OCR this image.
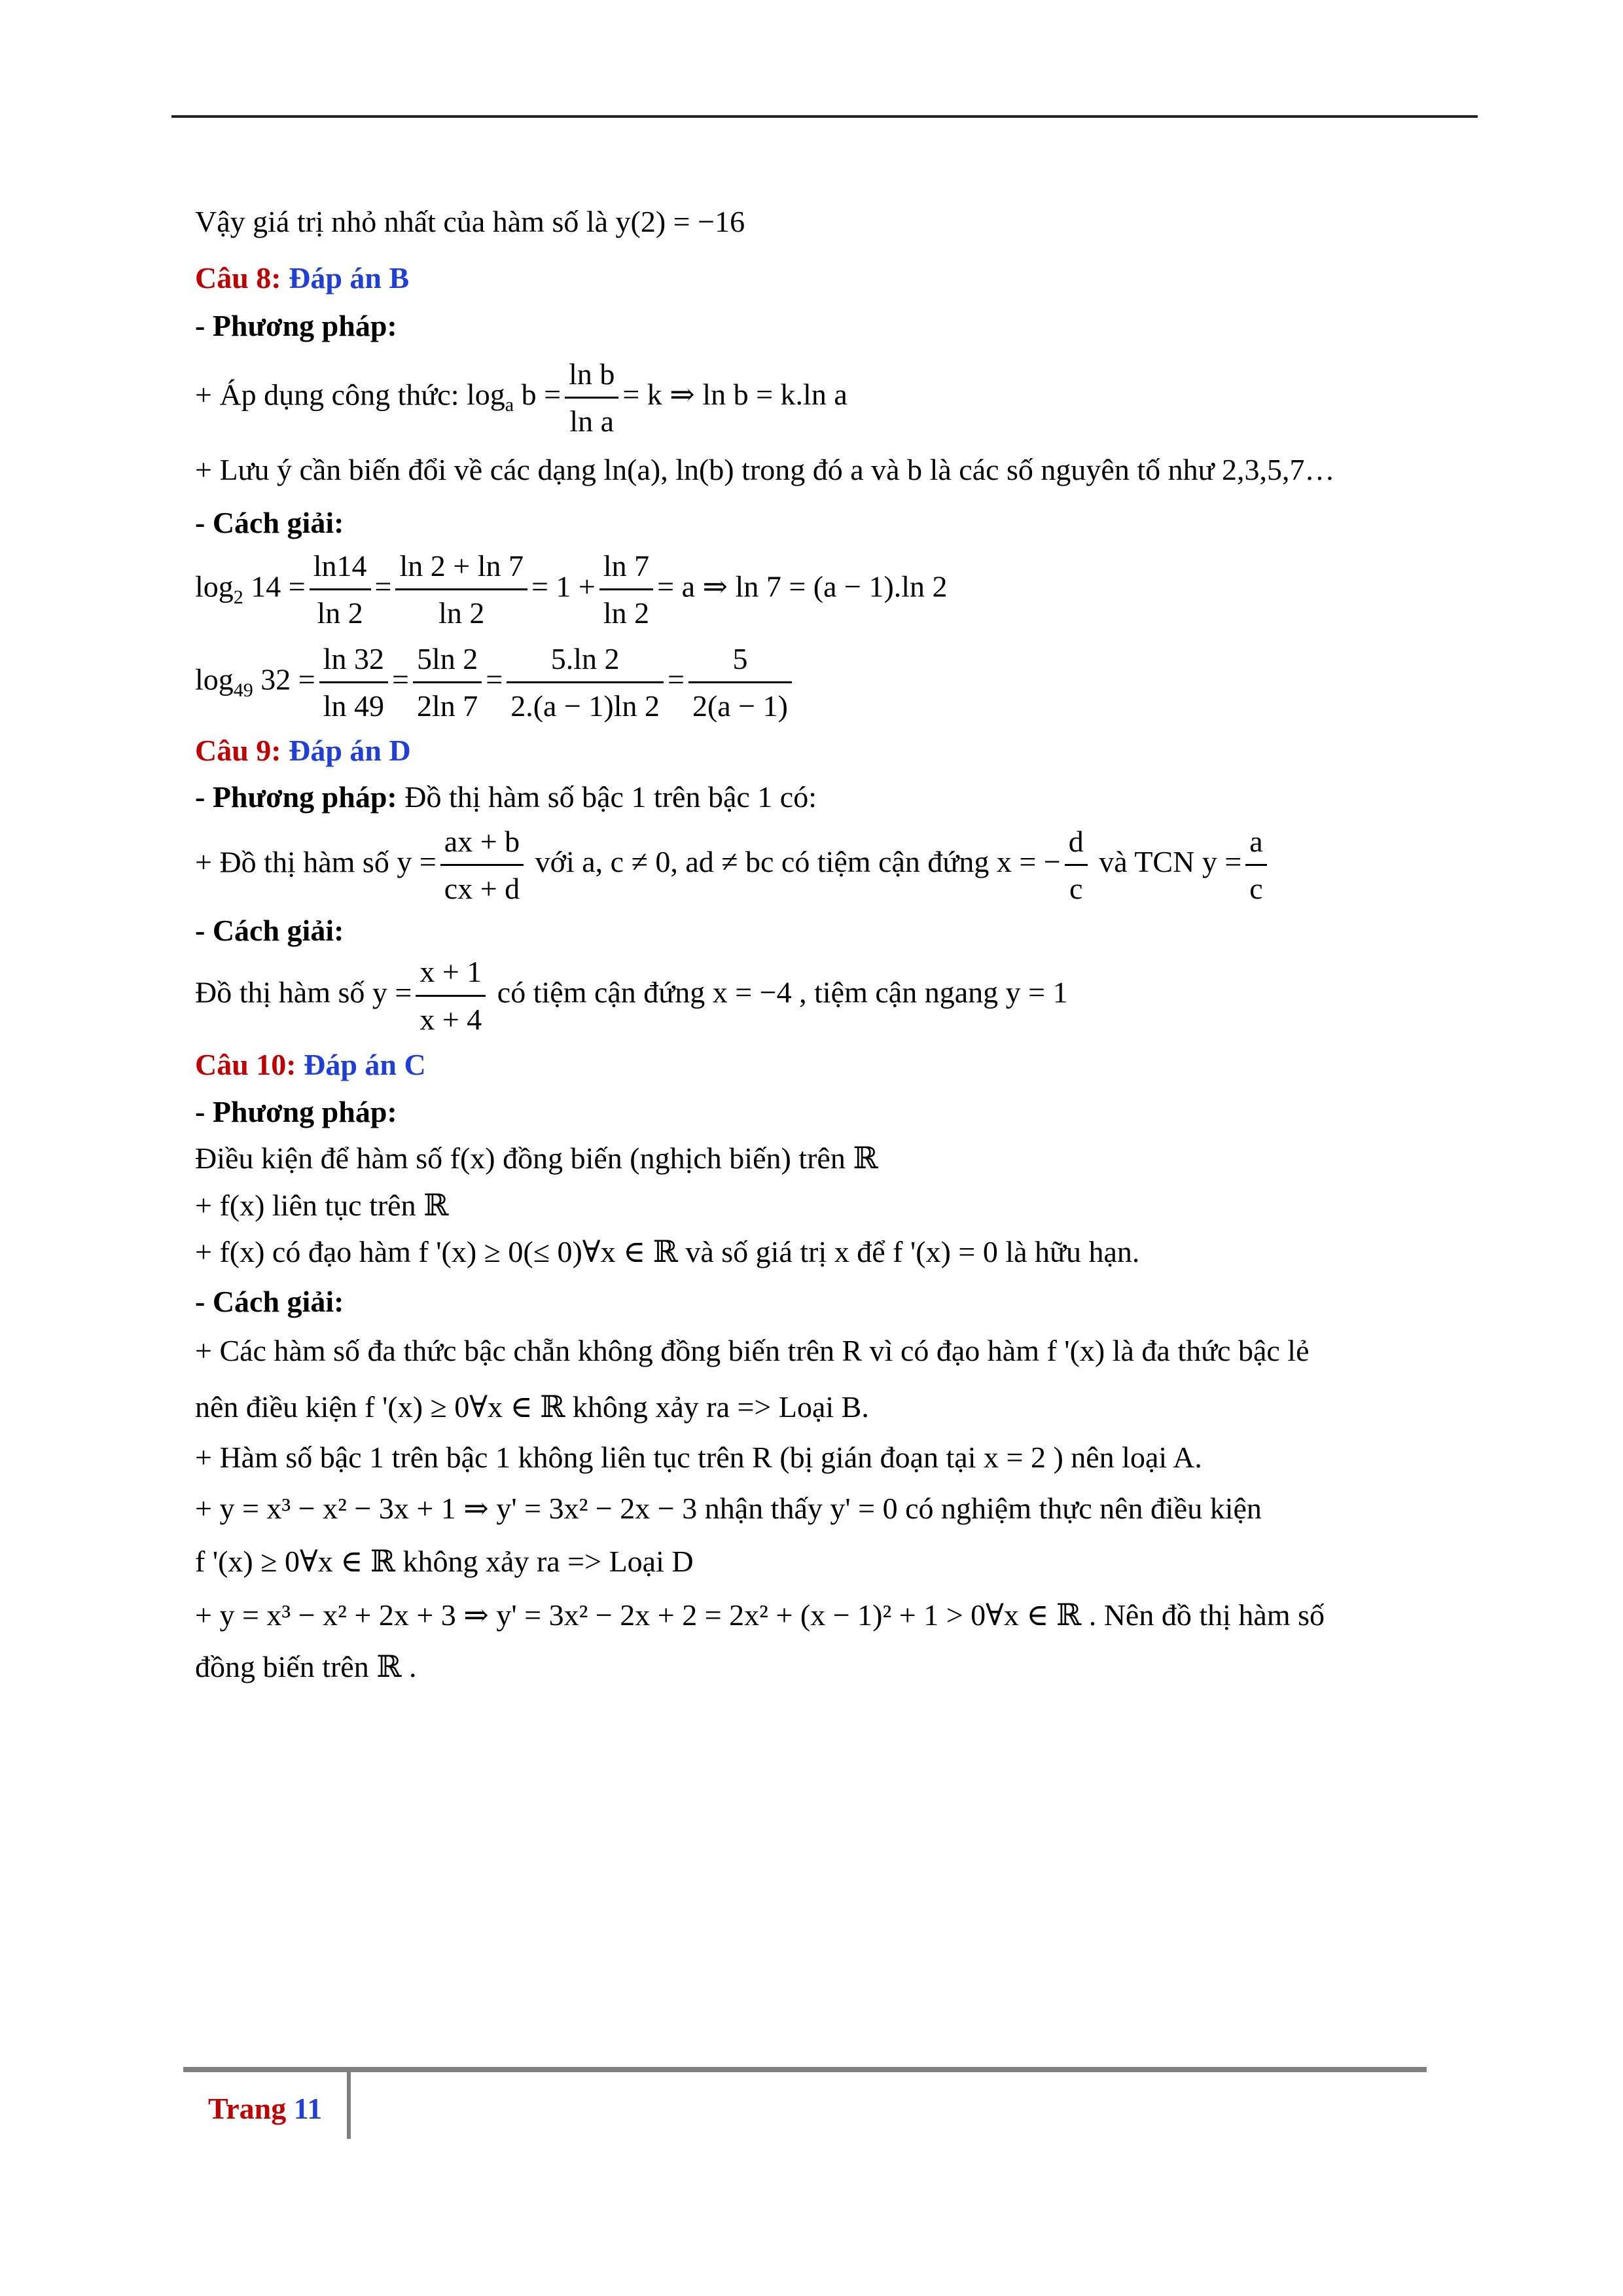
Vậy giá trị nhỏ nhất của hàm số là y(2) = −16
Câu 8: Đáp án B
- Phương pháp:
+ Áp dụng công thức: $\log_a b = \frac{\text{ln b}}{\text{ln a}} = k$ ⇒ ln b = k.ln a
+ Lưu ý cần biến đổi về các dạng ln(a), ln(b) trong đó a và b là các số nguyên tố như 2,3,5,7…
- Cách giải:
$\log_2 14 = \frac{\ln 14}{\ln 2} = \frac{\ln 2 + \ln 7}{\ln 2} = 1 + \frac{\ln 7}{\ln 2} = a$ ⇒ ln 7 = (a − 1).ln 2
$\log_{49} 32 = \frac{\ln 32}{\ln 49} = \frac{5\ln 2}{2\ln 7} = \frac{5.\ln 2}{2.(a - 1)\ln 2} = \frac{5}{2(a - 1)}$
Câu 9: Đáp án D
- Phương pháp: Đồ thị hàm số bậc 1 trên bậc 1 có:
+ Đồ thị hàm số $y = \frac{ax + b}{cx + d}$ với a, c ≠ 0, ad ≠ bc có tiệm cận đứng x = − $\frac{d}{c}$ và TCN $y = \frac{a}{c}$
- Cách giải:
Đồ thị hàm số $y = \frac{x + 1}{x + 4}$ có tiệm cận đứng x = −4 , tiệm cận ngang y = 1
Câu 10: Đáp án C
- Phương pháp:
Điều kiện để hàm số f(x) đồng biến (nghịch biến) trên ℝ
+ f(x) liên tục trên ℝ
+ f(x) có đạo hàm f '(x) ≥ 0(≤ 0)∀x ∈ ℝ và số giá trị x để f '(x) = 0 là hữu hạn.
- Cách giải:
+ Các hàm số đa thức bậc chẵn không đồng biến trên R vì có đạo hàm f '(x) là đa thức bậc lẻ
nên điều kiện f '(x) ≥ 0∀x ∈ ℝ không xảy ra => Loại B.
+ Hàm số bậc 1 trên bậc 1 không liên tục trên R (bị gián đoạn tại x = 2 ) nên loại A.
+ y = x³ − x² − 3x + 1 ⇒ y' = 3x² − 2x − 3 nhận thấy y' = 0 có nghiệm thực nên điều kiện
f '(x) ≥ 0∀x ∈ ℝ không xảy ra => Loại D
+ y = x³ − x² + 2x + 3 ⇒ y' = 3x² − 2x + 2 = 2x² + (x − 1)² + 1 > 0∀x ∈ ℝ . Nên đồ thị hàm số
đồng biến trên ℝ .
Trang 11
